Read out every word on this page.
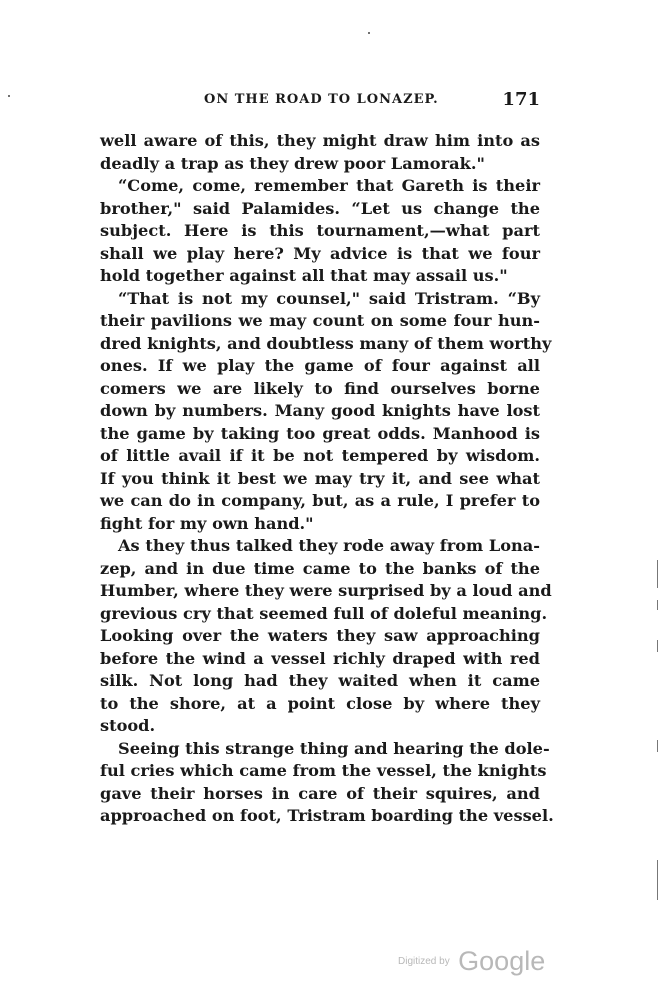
ON THE ROAD TO LONAZEP.	171
well aware of this, they might draw him into as
deadly a trap as they drew poor Lamorak."
“Come, come, remember that Gareth is their
brother," said Palamides. “Let us change the
subject. Here is this tournament,—what part
shall we play here? My advice is that we four
hold together against all that may assail us."
“That is not my counsel," said Tristram. “By
their pavilions we may count on some four hun-
dred knights, and doubtless many of them worthy
ones. If we play the game of four against all
comers we are likely to find ourselves borne
down by numbers. Many good knights have lost
the game by taking too great odds. Manhood is
of little avail if it be not tempered by wisdom.
If you think it best we may try it, and see what
we can do in company, but, as a rule, I prefer to
fight for my own hand."
As they thus talked they rode away from Lona-
zep, and in due time came to the banks of the
Humber, where they were surprised by a loud and
grevious cry that seemed full of doleful meaning.
Looking over the waters they saw approaching
before the wind a vessel richly draped with red
silk. Not long had they waited when it came
to the shore, at a point close by where they
stood.
Seeing this strange thing and hearing the dole-
ful cries which came from the vessel, the knights
gave their horses in care of their squires, and
approached on foot, Tristram boarding the vessel.
Digitized by Google
